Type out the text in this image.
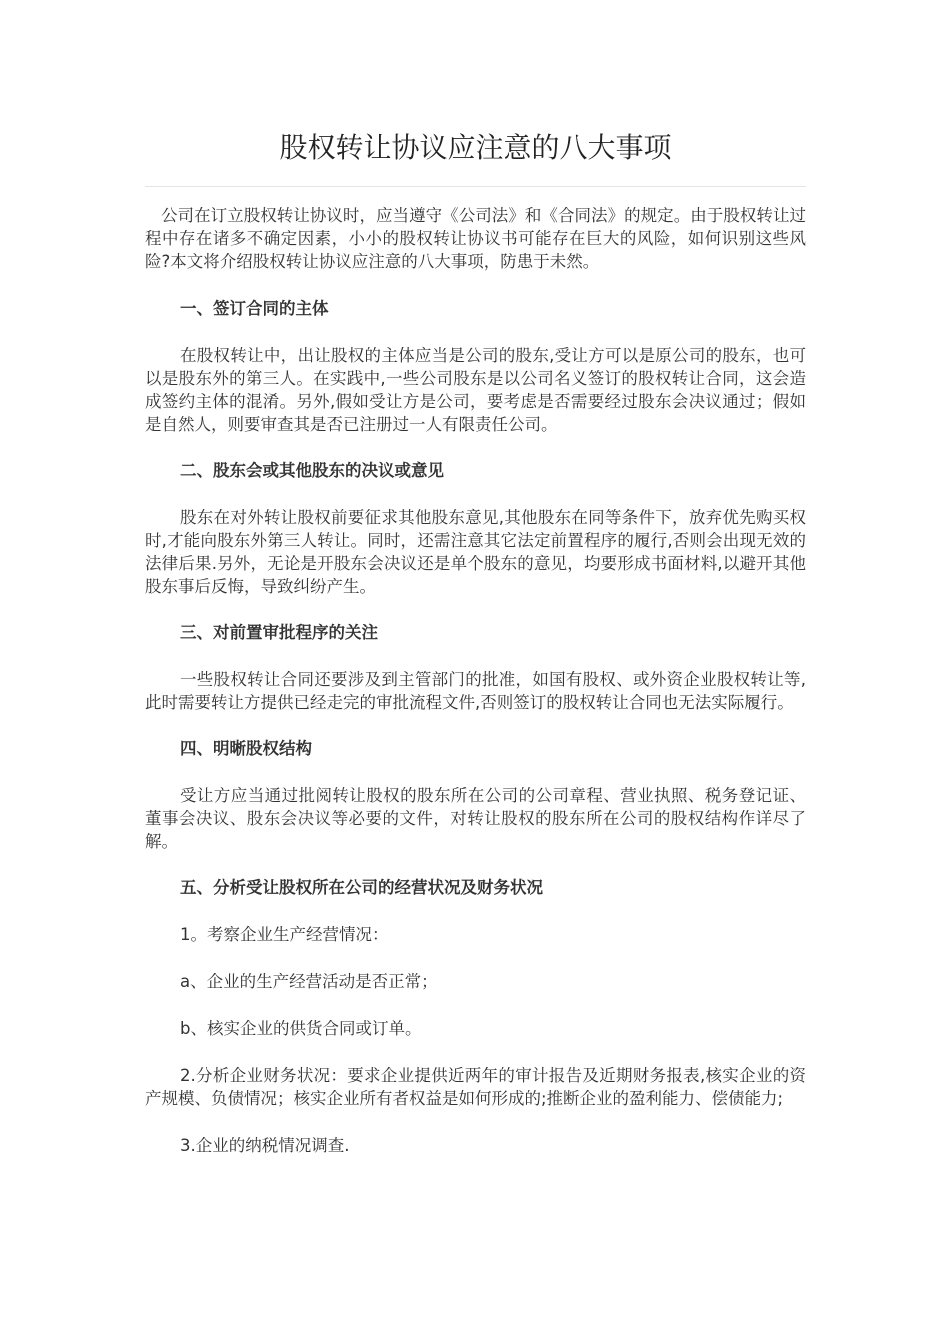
股权转让协议应注意的八大事项

公司在订立股权转让协议时，应当遵守《公司法》和《合同法》的规定。由于股权转让过程中存在诸多不确定因素，小小的股权转让协议书可能存在巨大的风险，如何识别这些风险?本文将介绍股权转让协议应注意的八大事项，防患于未然。

一、签订合同的主体

在股权转让中，出让股权的主体应当是公司的股东,受让方可以是原公司的股东，也可以是股东外的第三人。在实践中,一些公司股东是以公司名义签订的股权转让合同，这会造成签约主体的混淆。另外,假如受让方是公司，要考虑是否需要经过股东会决议通过；假如是自然人，则要审查其是否已注册过一人有限责任公司。

二、股东会或其他股东的决议或意见

股东在对外转让股权前要征求其他股东意见,其他股东在同等条件下，放弃优先购买权时,才能向股东外第三人转让。同时，还需注意其它法定前置程序的履行,否则会出现无效的法律后果.另外，无论是开股东会决议还是单个股东的意见，均要形成书面材料,以避开其他股东事后反悔，导致纠纷产生。

三、对前置审批程序的关注

一些股权转让合同还要涉及到主管部门的批准，如国有股权、或外资企业股权转让等,此时需要转让方提供已经走完的审批流程文件,否则签订的股权转让合同也无法实际履行。

四、明晰股权结构

受让方应当通过批阅转让股权的股东所在公司的公司章程、营业执照、税务登记证、董事会决议、股东会决议等必要的文件，对转让股权的股东所在公司的股权结构作详尽了解。

五、分析受让股权所在公司的经营状况及财务状况

1。考察企业生产经营情况：

a、企业的生产经营活动是否正常；

b、核实企业的供货合同或订单。

2.分析企业财务状况：要求企业提供近两年的审计报告及近期财务报表,核实企业的资产规模、负债情况；核实企业所有者权益是如何形成的;推断企业的盈利能力、偿债能力;

3.企业的纳税情况调查.
